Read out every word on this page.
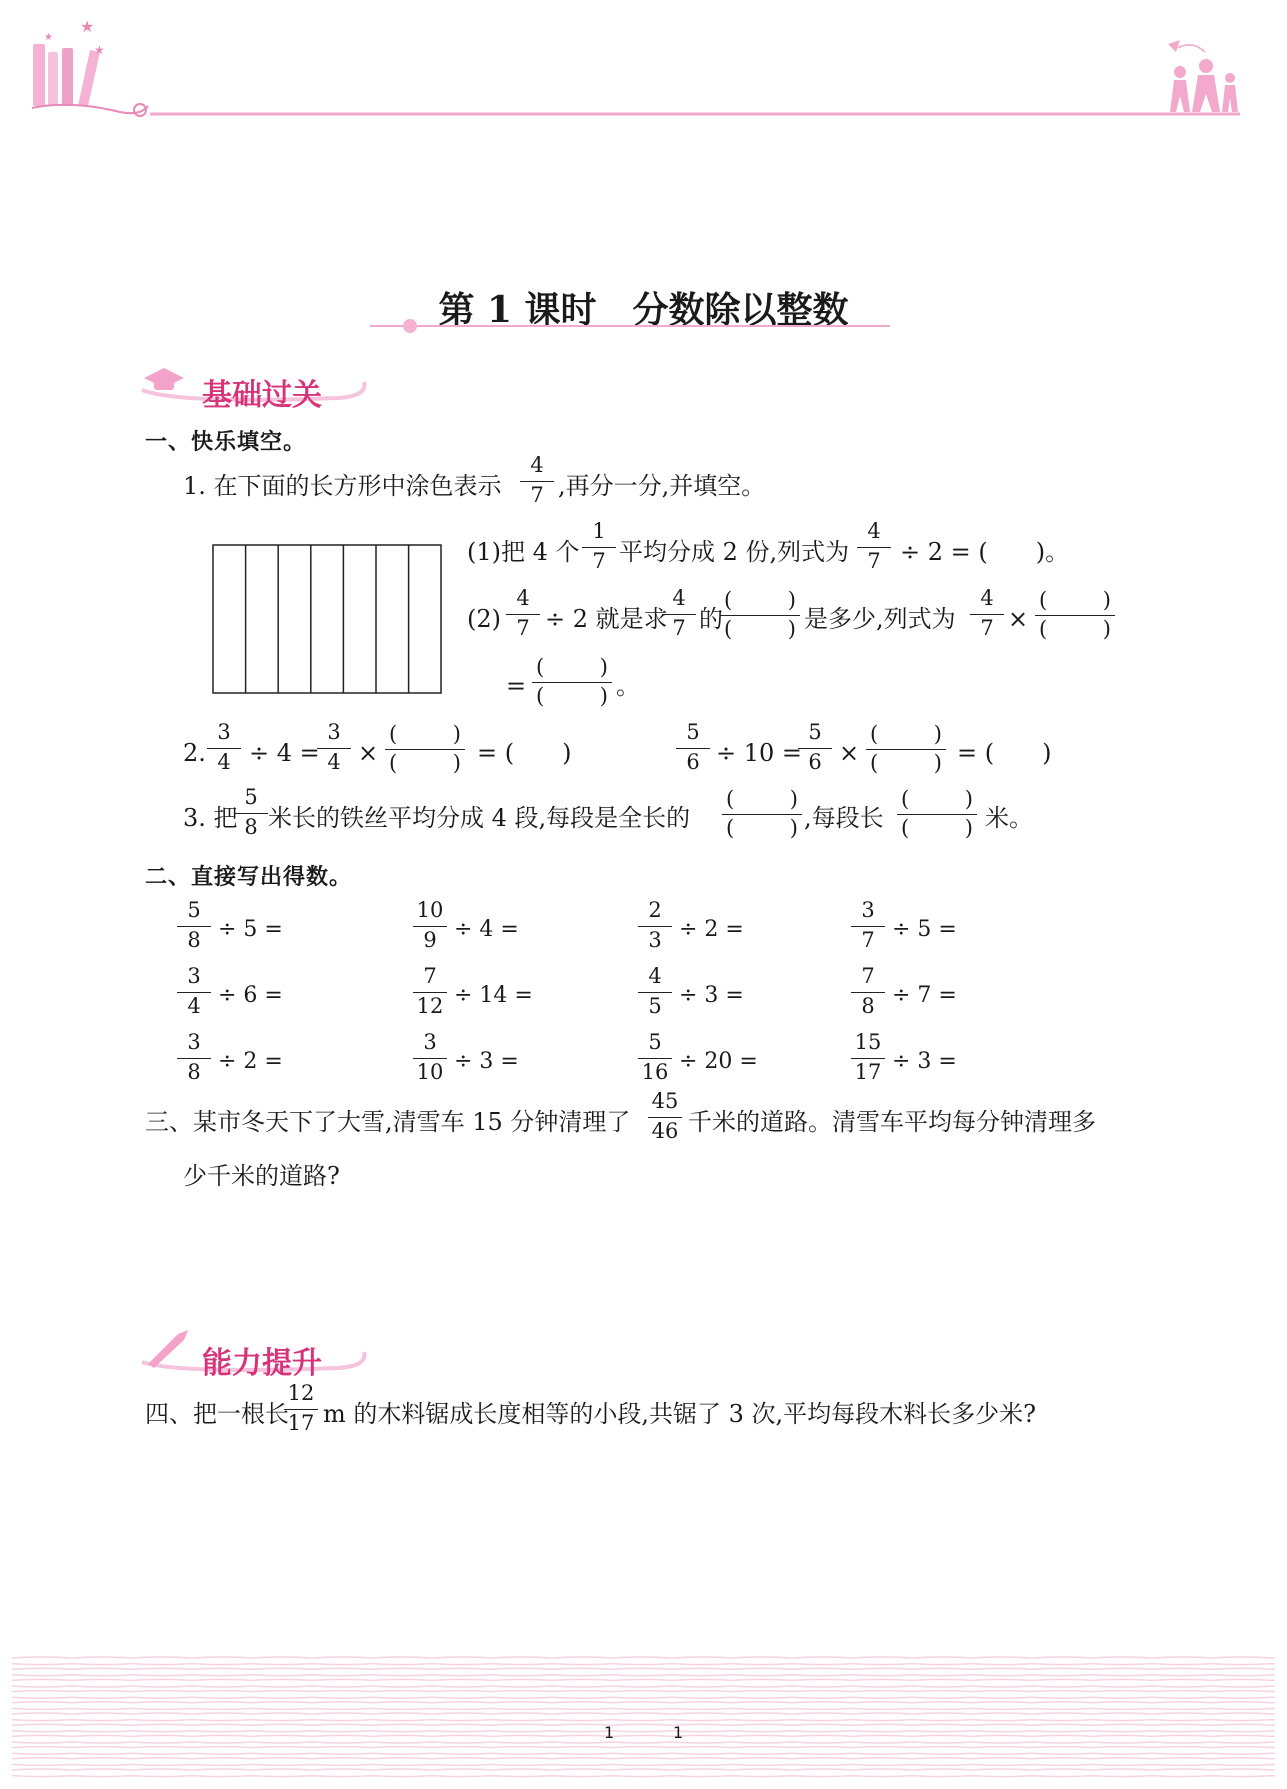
★
★
★
第 1 课时　分数除以整数
基础过关
一、快乐填空。
1. 在下面的长方形中涂色表示
4
7 ,再分一分,并填空。
(1)把 4 个
1
7 平均分成 2 份,列式为
4
7 ÷ 2 = (　　)。
(2)
4
7 ÷ 2 就是求
4
7 的
(	)
(	) 是多少,列式为
4
7 ×
(	)
(	)
=
(	)
(	) 。
2.
3
4 ÷ 4 =
3
4 ×
(	)
(	) = (　　)
5
6 ÷ 10 =
5
6 ×
(	)
(	) = (　　)
3. 把
5
8 米长的铁丝平均分成 4 段,每段是全长的
(	)
(	) ,每段长
(	)
(	) 米。
二、直接写出得数。
5
8 ÷ 5 =
10
9 ÷ 4 =
2
3 ÷ 2 =
3
7 ÷ 5 =
3
4 ÷ 6 =
7
12 ÷ 14 =
4
5 ÷ 3 =
7
8 ÷ 7 =
3
8 ÷ 2 =
3
10 ÷ 3 =
5
16 ÷ 20 =
15
17 ÷ 3 =
三、某市冬天下了大雪,清雪车 15 分钟清理了
45
46 千米的道路。清雪车平均每分钟清理多
少千米的道路?
能力提升
四、把一根长
12
17 m 的木料锯成长度相等的小段,共锯了 3 次,平均每段木料长多少米?
1	1
